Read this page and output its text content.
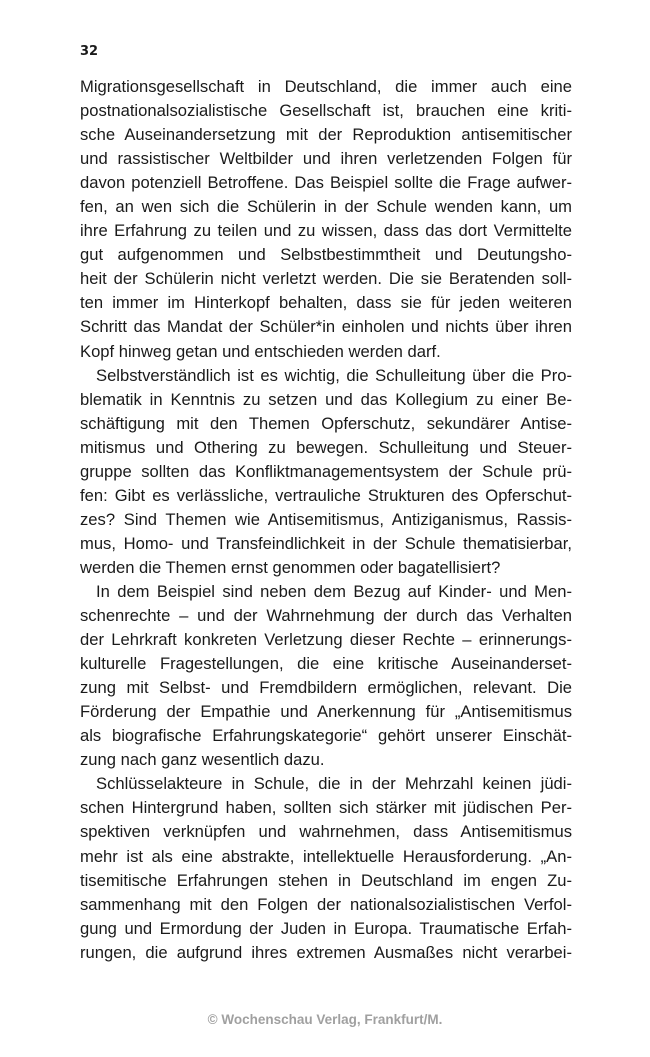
32
Migrationsgesellschaft in Deutschland, die immer auch eine
postnationalsozialistische Gesellschaft ist, brauchen eine kriti-
sche Auseinandersetzung mit der Reproduktion antisemitischer
und rassistischer Weltbilder und ihren verletzenden Folgen für
davon potenziell Betroffene. Das Beispiel sollte die Frage aufwer-
fen, an wen sich die Schülerin in der Schule wenden kann, um
ihre Erfahrung zu teilen und zu wissen, dass das dort Vermittelte
gut aufgenommen und Selbstbestimmtheit und Deutungsho-
heit der Schülerin nicht verletzt werden. Die sie Beratenden soll-
ten immer im Hinterkopf behalten, dass sie für jeden weiteren
Schritt das Mandat der Schüler*in einholen und nichts über ihren
Kopf hinweg getan und entschieden werden darf.
Selbstverständlich ist es wichtig, die Schulleitung über die Pro-
blematik in Kenntnis zu setzen und das Kollegium zu einer Be-
schäftigung mit den Themen Opferschutz, sekundärer Antise-
mitismus und Othering zu bewegen. Schulleitung und Steuer-
gruppe sollten das Konfliktmanagementsystem der Schule prü-
fen: Gibt es verlässliche, vertrauliche Strukturen des Opferschut-
zes? Sind Themen wie Antisemitismus, Antiziganismus, Rassis-
mus, Homo- und Transfeindlichkeit in der Schule thematisierbar,
werden die Themen ernst genommen oder bagatellisiert?
In dem Beispiel sind neben dem Bezug auf Kinder- und Men-
schenrechte – und der Wahrnehmung der durch das Verhalten
der Lehrkraft konkreten Verletzung dieser Rechte – erinnerungs-
kulturelle Fragestellungen, die eine kritische Auseinanderset-
zung mit Selbst- und Fremdbildern ermöglichen, relevant. Die
Förderung der Empathie und Anerkennung für „Antisemitismus
als biografische Erfahrungskategorie“ gehört unserer Einschät-
zung nach ganz wesentlich dazu.
Schlüsselakteure in Schule, die in der Mehrzahl keinen jüdi-
schen Hintergrund haben, sollten sich stärker mit jüdischen Per-
spektiven verknüpfen und wahrnehmen, dass Antisemitismus
mehr ist als eine abstrakte, intellektuelle Herausforderung. „An-
tisemitische Erfahrungen stehen in Deutschland im engen Zu-
sammenhang mit den Folgen der nationalsozialistischen Verfol-
gung und Ermordung der Juden in Europa. Traumatische Erfah-
rungen, die aufgrund ihres extremen Ausmaßes nicht verarbei-
© Wochenschau Verlag, Frankfurt/M.
